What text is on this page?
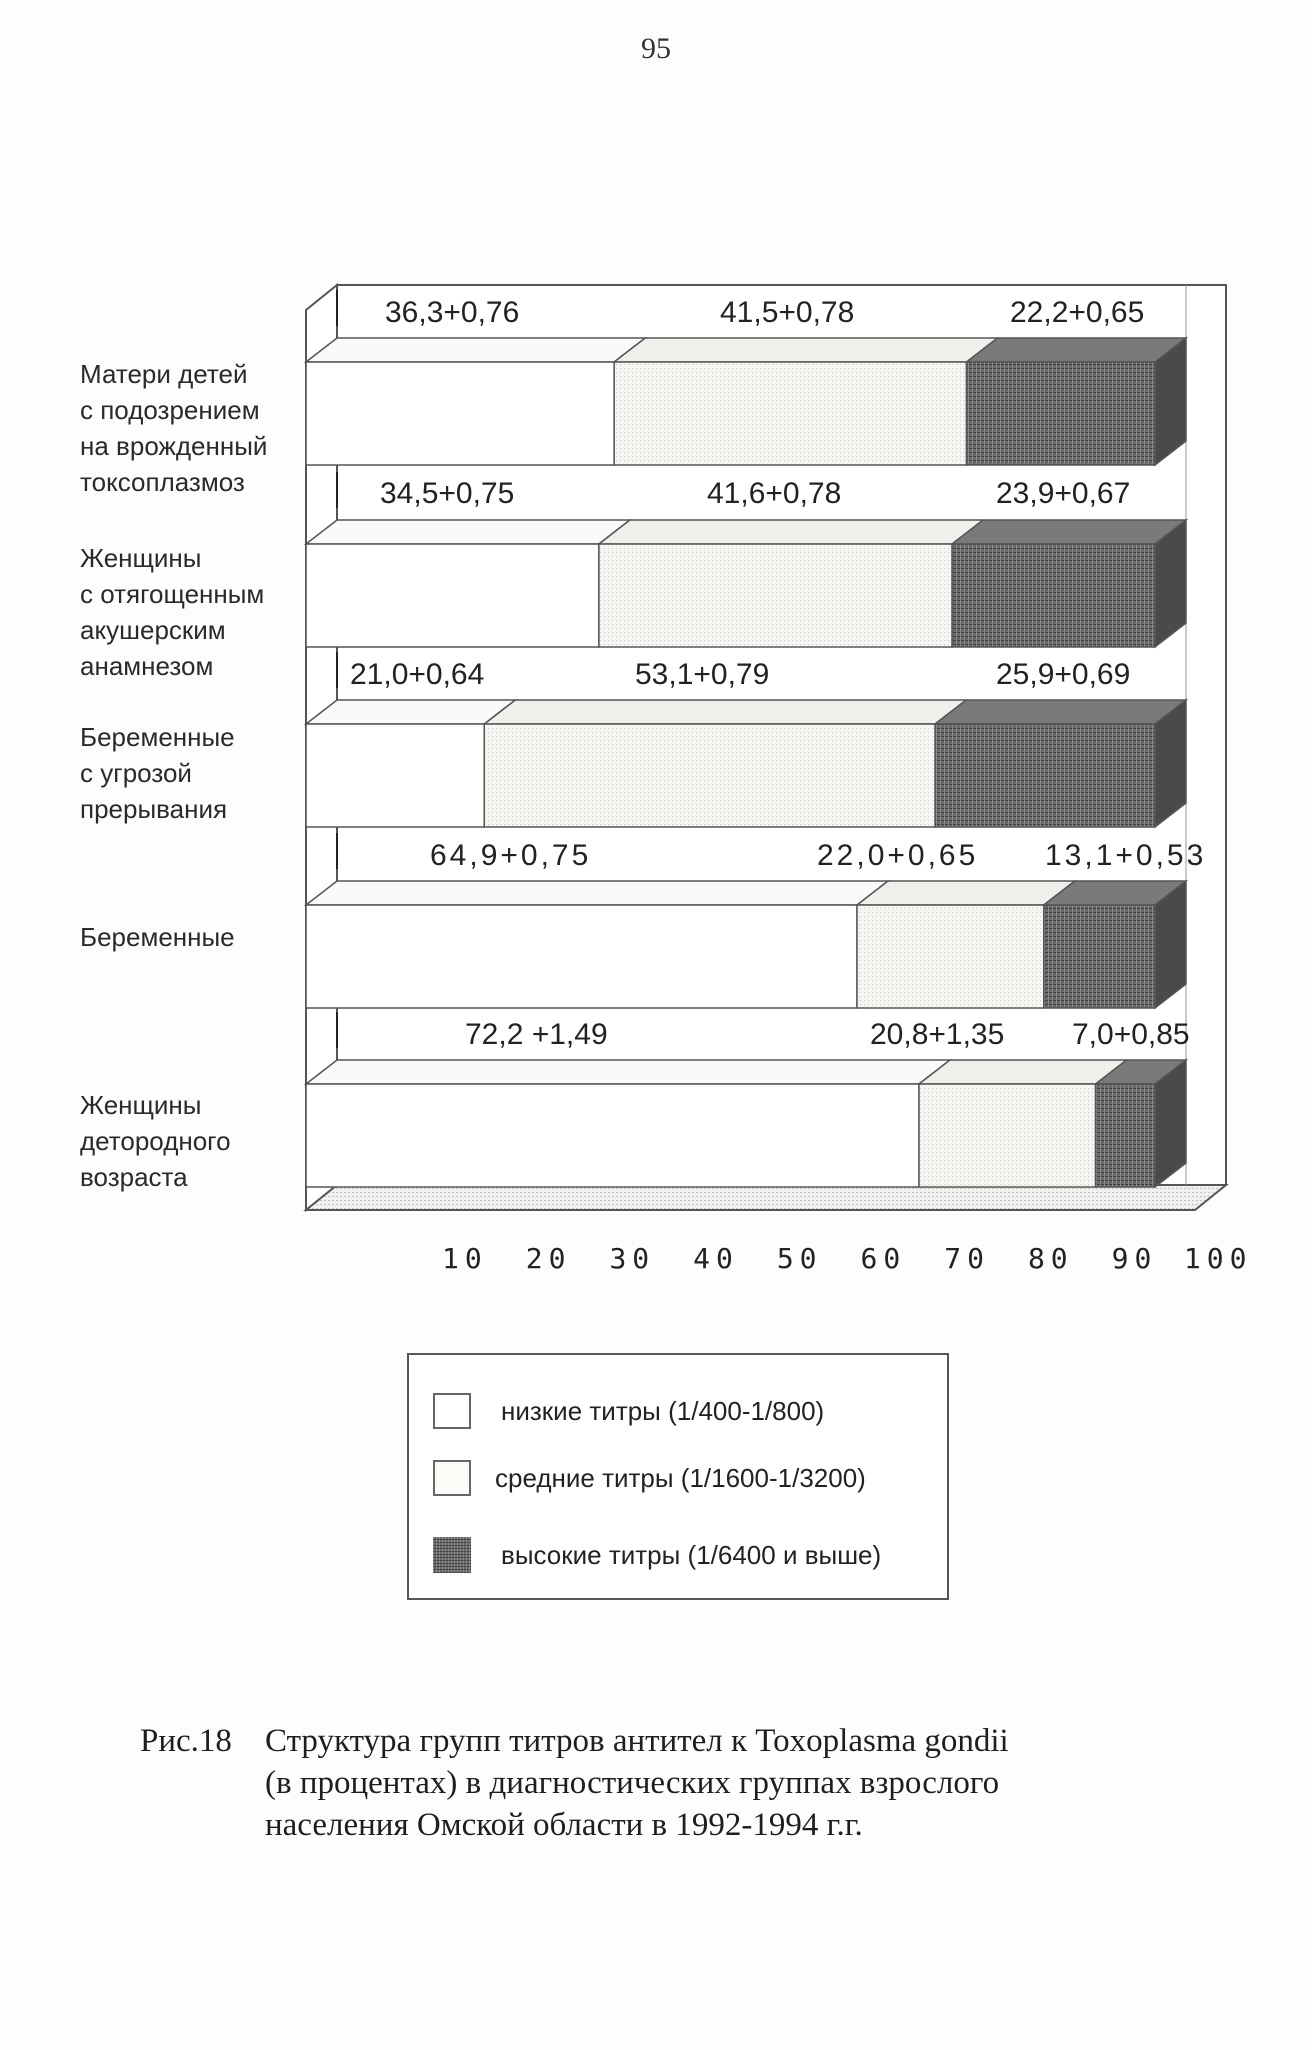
95
36,3+0,76
34,5+0,75
21,0+0,64
64,9+0,75
72,2 +1,49
41,5+0,78
41,6+0,78
53,1+0,79
22,0+0,65
20,8+1,35
22,2+0,65
23,9+0,67
25,9+0,69
13,1+0,53
7,0+0,85
10 20 30 40 50 60 70 80 90 100
Матери детей
с подозрением
на врожденный
токсоплазмоз
Женщины
с отягощенным
акушерским
анамнезом
Беременные
с угрозой
прерывания
Беременные
Женщины
детородного
возраста
низкие титры (1/400-1/800)
средние титры (1/1600-1/3200)
высокие титры (1/6400 и выше)
Рис.18 Структура групп титров антител к Toxoplasma gondii
(в процентах) в диагностических группах взрослого
населения Омской области в 1992-1994 г.г.
